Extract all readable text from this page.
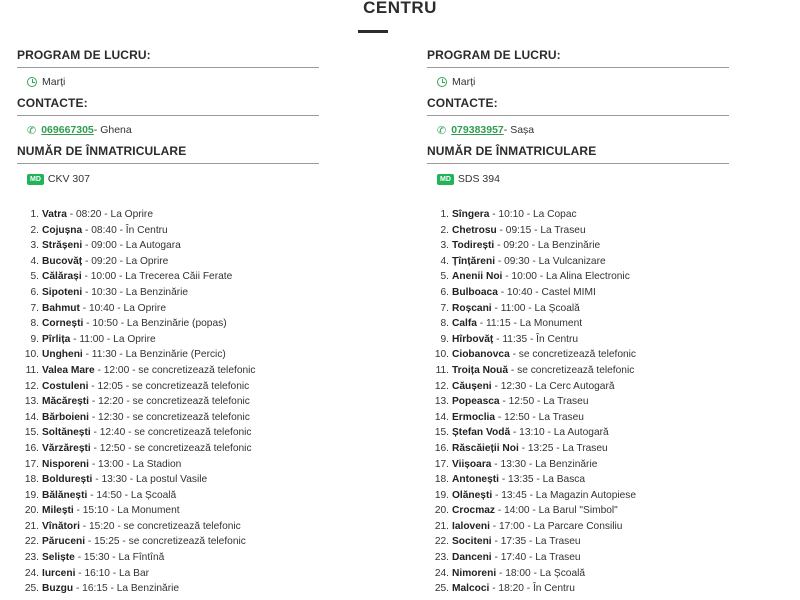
CENTRU
PROGRAM DE LUCRU:
Marți
CONTACTE:
✆ 069667305 - Ghena
NUMĂR DE ÎNMATRICULARE
MD CKV 307
1. Vatra - 08:20 - La Oprire
2. Cojușna - 08:40 - În Centru
3. Strășeni - 09:00 - La Autogara
4. Bucovăț - 09:20 - La Oprire
5. Călărași - 10:00 - La Trecerea Căii Ferate
6. Sipoteni - 10:30 - La Benzinărie
7. Bahmut - 10:40 - La Oprire
8. Cornești - 10:50 - La Benzinărie (popas)
9. Pîrlița - 11:00 - La Oprire
10. Ungheni - 11:30 - La Benzinărie (Percic)
11. Valea Mare - 12:00 - se concretizează telefonic
12. Costuleni - 12:05 - se concretizează telefonic
13. Măcărești - 12:20 - se concretizează telefonic
14. Bărboieni - 12:30 - se concretizează telefonic
15. Soltănești - 12:40 - se concretizează telefonic
16. Vărzărești - 12:50 - se concretizează telefonic
17. Nisporeni - 13:00 - La Stadion
18. Boldurești - 13:30 - La postul Vasile
19. Bălănești - 14:50 - La Școală
20. Milești - 15:10 - La Monument
21. Vînători - 15:20 - se concretizează telefonic
22. Păruceni - 15:25 - se concretizează telefonic
23. Seliște - 15:30 - La Fîntînă
24. Iurceni - 16:10 - La Bar
25. Buzgu - 16:15 - La Benzinărie
PROGRAM DE LUCRU:
Marți
CONTACTE:
✆ 079383957 - Sașa
NUMĂR DE ÎNMATRICULARE
MD SDS 394
1. Sîngera - 10:10 - La Copac
2. Chetrosu - 09:15 - La Traseu
3. Todirești - 09:20 - La Benzinărie
4. Țînțăreni - 09:30 - La Vulcanizare
5. Anenii Noi - 10:00 - La Alina Electronic
6. Bulboaca - 10:40 - Castel MIMI
7. Roșcani - 11:00 - La Școală
8. Calfa - 11:15 - La Monument
9. Hîrbovăț - 11:35 - În Centru
10. Ciobanovca - se concretizează telefonic
11. Troița Nouă - se concretizează telefonic
12. Căușeni - 12:30 - La Cerc Autogară
13. Popeasca - 12:50 - La Traseu
14. Ermoclia - 12:50 - La Traseu
15. Ștefan Vodă - 13:10 - La Autogară
16. Răscăieții Noi - 13:25 - La Traseu
17. Viișoara - 13:30 - La Benzinărie
18. Antonești - 13:35 - La Basca
19. Olănești - 13:45 - La Magazin Autopiese
20. Crocmaz - 14:00 - La Barul "Simbol"
21. Ialoveni - 17:00 - La Parcare Consiliu
22. Sociteni - 17:35 - La Traseu
23. Danceni - 17:40 - La Traseu
24. Nimoreni - 18:00 - La Școală
25. Malcoci - 18:20 - În Centru
